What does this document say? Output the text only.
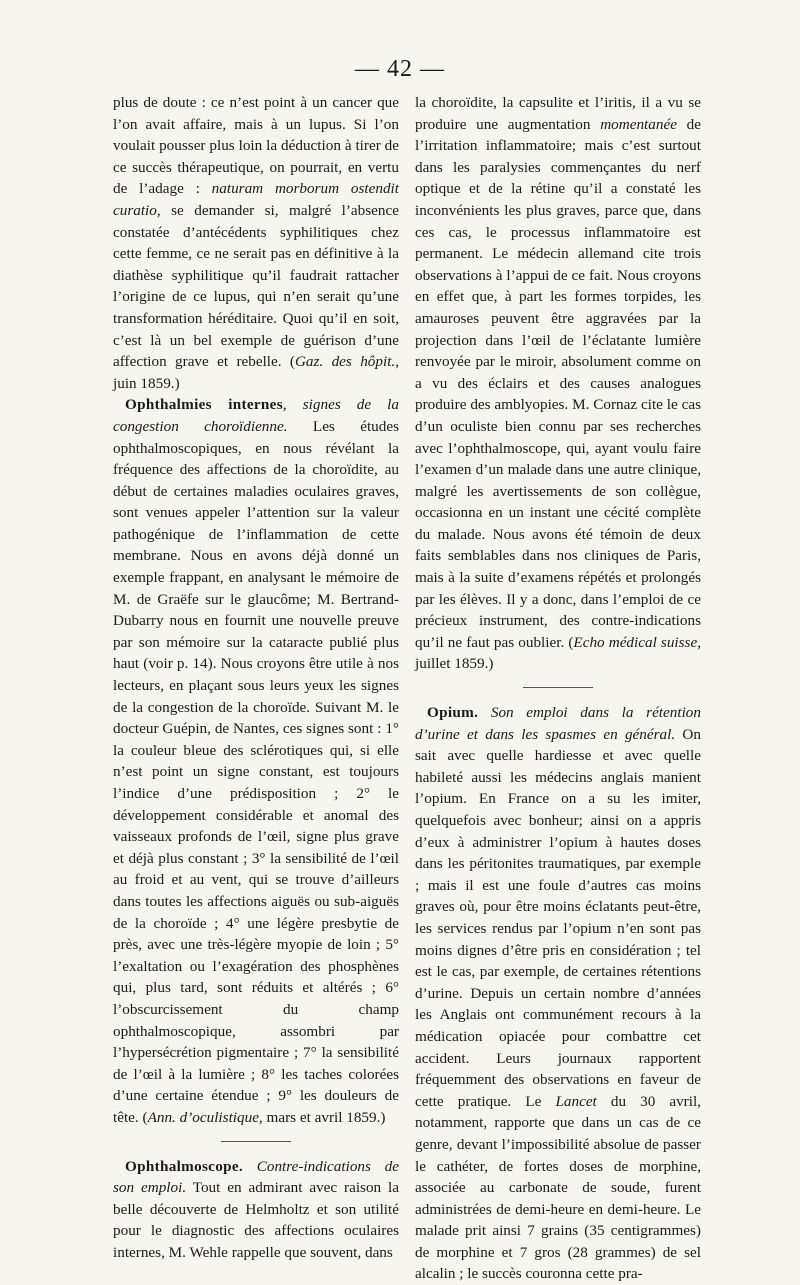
— 42 —

plus de doute : ce n’est point à un cancer que l’on avait affaire, mais à un lupus. Si l’on voulait pousser plus loin la déduction à tirer de ce succès thérapeutique, on pourrait, en vertu de l’adage : naturam morborum ostendit curatio, se demander si, malgré l’absence constatée d’antécédents syphilitiques chez cette femme, ce ne serait pas en définitive à la diathèse syphilitique qu’il faudrait rattacher l’origine de ce lupus, qui n’en serait qu’une transformation héréditaire. Quoi qu’il en soit, c’est là un bel exemple de guérison d’une affection grave et rebelle. (Gaz. des hôpit., juin 1859.)

Ophthalmies internes, signes de la congestion choroïdienne. Les études ophthalmoscopiques, en nous révélant la fréquence des affections de la choroïdite, au début de certaines maladies oculaires graves, sont venues appeler l’attention sur la valeur pathogénique de l’inflammation de cette membrane. Nous en avons déjà donné un exemple frappant, en analysant le mémoire de M. de Graëfe sur le glaucôme; M. Bertrand-Dubarry nous en fournit une nouvelle preuve par son mémoire sur la cataracte publié plus haut (voir p. 14). Nous croyons être utile à nos lecteurs, en plaçant sous leurs yeux les signes de la congestion de la choroïde. Suivant M. le docteur Guépin, de Nantes, ces signes sont : 1° la couleur bleue des sclérotiques qui, si elle n’est point un signe constant, est toujours l’indice d’une prédisposition ; 2° le développement considérable et anomal des vaisseaux profonds de l’œil, signe plus grave et déjà plus constant ; 3° la sensibilité de l’œil au froid et au vent, qui se trouve d’ailleurs dans toutes les affections aiguës ou sub-aiguës de la choroïde ; 4° une légère presbytie de près, avec une très-légère myopie de loin ; 5° l’exaltation ou l’exagération des phosphènes qui, plus tard, sont réduits et altérés ; 6° l’obscurcissement du champ ophthalmoscopique, assombri par l’hypersécrétion pigmentaire ; 7° la sensibilité de l’œil à la lumière ; 8° les taches colorées d’une certaine étendue ; 9° les douleurs de tête. (Ann. d’oculistique, mars et avril 1859.)

Ophthalmoscope. Contre-indications de son emploi. Tout en admirant avec raison la belle découverte de Helmholtz et son utilité pour le diagnostic des affections oculaires internes, M. Wehle rappelle que souvent, dans

la choroïdite, la capsulite et l’iritis, il a vu se produire une augmentation momentanée de l’irritation inflammatoire; mais c’est surtout dans les paralysies commençantes du nerf optique et de la rétine qu’il a constaté les inconvénients les plus graves, parce que, dans ces cas, le processus inflammatoire est permanent. Le médecin allemand cite trois observations à l’appui de ce fait. Nous croyons en effet que, à part les formes torpides, les amauroses peuvent être aggravées par la projection dans l’œil de l’éclatante lumière renvoyée par le miroir, absolument comme on a vu des éclairs et des causes analogues produire des amblyopies. M. Cornaz cite le cas d’un oculiste bien connu par ses recherches avec l’ophthalmoscope, qui, ayant voulu faire l’examen d’un malade dans une autre clinique, malgré les avertissements de son collègue, occasionna en un instant une cécité complète du malade. Nous avons été témoin de deux faits semblables dans nos cliniques de Paris, mais à la suite d’examens répétés et prolongés par les élèves. Il y a donc, dans l’emploi de ce précieux instrument, des contre-indications qu’il ne faut pas oublier. (Echo médical suisse, juillet 1859.)

Opium. Son emploi dans la rétention d’urine et dans les spasmes en général. On sait avec quelle hardiesse et avec quelle habileté aussi les médecins anglais manient l’opium. En France on a su les imiter, quelquefois avec bonheur; ainsi on a appris d’eux à administrer l’opium à hautes doses dans les péritonites traumatiques, par exemple ; mais il est une foule d’autres cas moins graves où, pour être moins éclatants peut-être, les services rendus par l’opium n’en sont pas moins dignes d’être pris en considération ; tel est le cas, par exemple, de certaines rétentions d’urine. Depuis un certain nombre d’années les Anglais ont communément recours à la médication opiacée pour combattre cet accident. Leurs journaux rapportent fréquemment des observations en faveur de cette pratique. Le Lancet du 30 avril, notamment, rapporte que dans un cas de ce genre, devant l’impossibilité absolue de passer le cathéter, de fortes doses de morphine, associée au carbonate de soude, furent administrées de demi-heure en demi-heure. Le malade prit ainsi 7 grains (35 centigrammes) de morphine et 7 gros (28 grammes) de sel alcalin ; le succès couronna cette pra-
